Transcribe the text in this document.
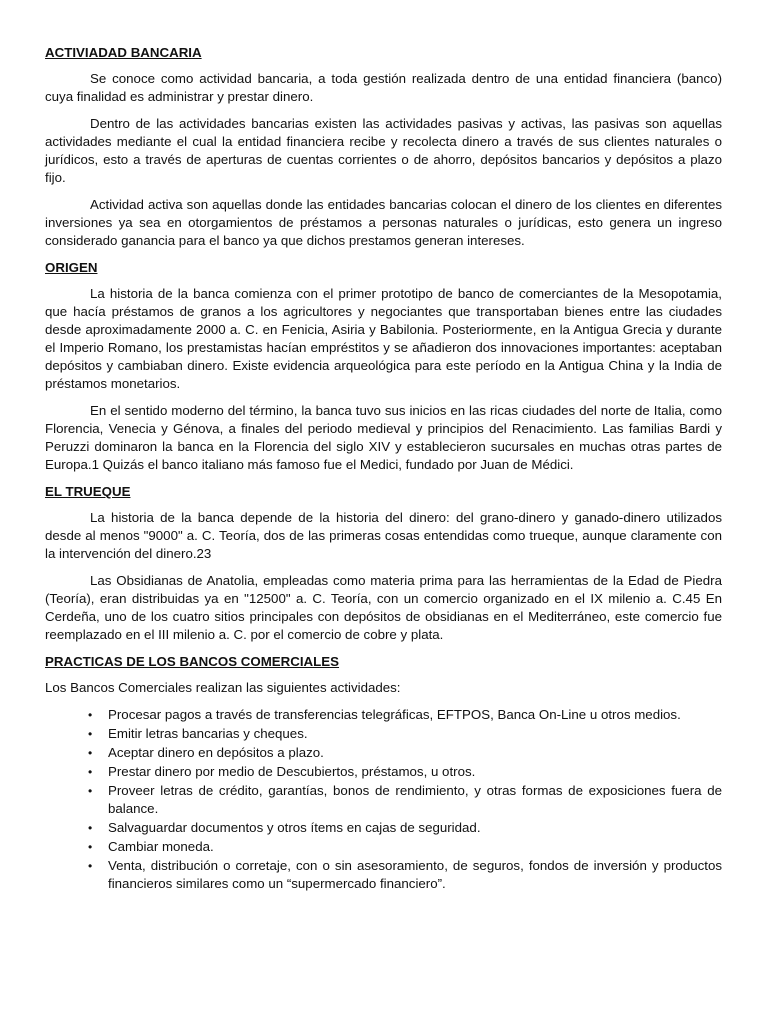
ACTIVIADAD BANCARIA

Se conoce como actividad bancaria, a toda gestión realizada dentro de una entidad financiera (banco) cuya finalidad es administrar y prestar dinero.

Dentro de las actividades bancarias existen las actividades pasivas y activas, las pasivas son aquellas actividades mediante el cual la entidad financiera recibe y recolecta dinero a través de sus clientes naturales o jurídicos, esto a través de aperturas de cuentas corrientes o de ahorro, depósitos bancarios y depósitos a plazo fijo.

Actividad activa son aquellas donde las entidades bancarias colocan el dinero de los clientes en diferentes inversiones ya sea en otorgamientos de préstamos a personas naturales o jurídicas, esto genera un ingreso considerado ganancia para el banco ya que dichos prestamos generan intereses.

ORIGEN

La historia de la banca comienza con el primer prototipo de banco de comerciantes de la Mesopotamia, que hacía préstamos de granos a los agricultores y negociantes que transportaban bienes entre las ciudades desde aproximadamente 2000 a. C. en Fenicia, Asiria y Babilonia. Posteriormente, en la Antigua Grecia y durante el Imperio Romano, los prestamistas hacían empréstitos y se añadieron dos innovaciones importantes: aceptaban depósitos y cambiaban dinero. Existe evidencia arqueológica para este período en la Antigua China y la India de préstamos monetarios.

En el sentido moderno del término, la banca tuvo sus inicios en las ricas ciudades del norte de Italia, como Florencia, Venecia y Génova, a finales del periodo medieval y principios del Renacimiento. Las familias Bardi y Peruzzi dominaron la banca en la Florencia del siglo XIV y establecieron sucursales en muchas otras partes de Europa.1 Quizás el banco italiano más famoso fue el Medici, fundado por Juan de Médici.

EL TRUEQUE

La historia de la banca depende de la historia del dinero: del grano-dinero y ganado-dinero utilizados desde al menos "9000" a. C. Teoría, dos de las primeras cosas entendidas como trueque, aunque claramente con la intervención del dinero.23

Las Obsidianas de Anatolia, empleadas como materia prima para las herramientas de la Edad de Piedra (Teoría), eran distribuidas ya en "12500" a. C. Teoría, con un comercio organizado en el IX milenio a. C.45 En Cerdeña, uno de los cuatro sitios principales con depósitos de obsidianas en el Mediterráneo, este comercio fue reemplazado en el III milenio a. C. por el comercio de cobre y plata.

PRACTICAS DE LOS BANCOS COMERCIALES

Los Bancos Comerciales realizan las siguientes actividades:

•
Procesar pagos a través de transferencias telegráficas, EFTPOS, Banca On-Line u otros medios.
•
Emitir letras bancarias y cheques.
•
Aceptar dinero en depósitos a plazo.
•
Prestar dinero por medio de Descubiertos, préstamos, u otros.
•
Proveer letras de crédito, garantías, bonos de rendimiento, y otras formas de exposiciones fuera de balance.
•
Salvaguardar documentos y otros ítems en cajas de seguridad.
•
Cambiar moneda.
•
Venta, distribución o corretaje, con o sin asesoramiento, de seguros, fondos de inversión y productos financieros similares como un “supermercado financiero”.
